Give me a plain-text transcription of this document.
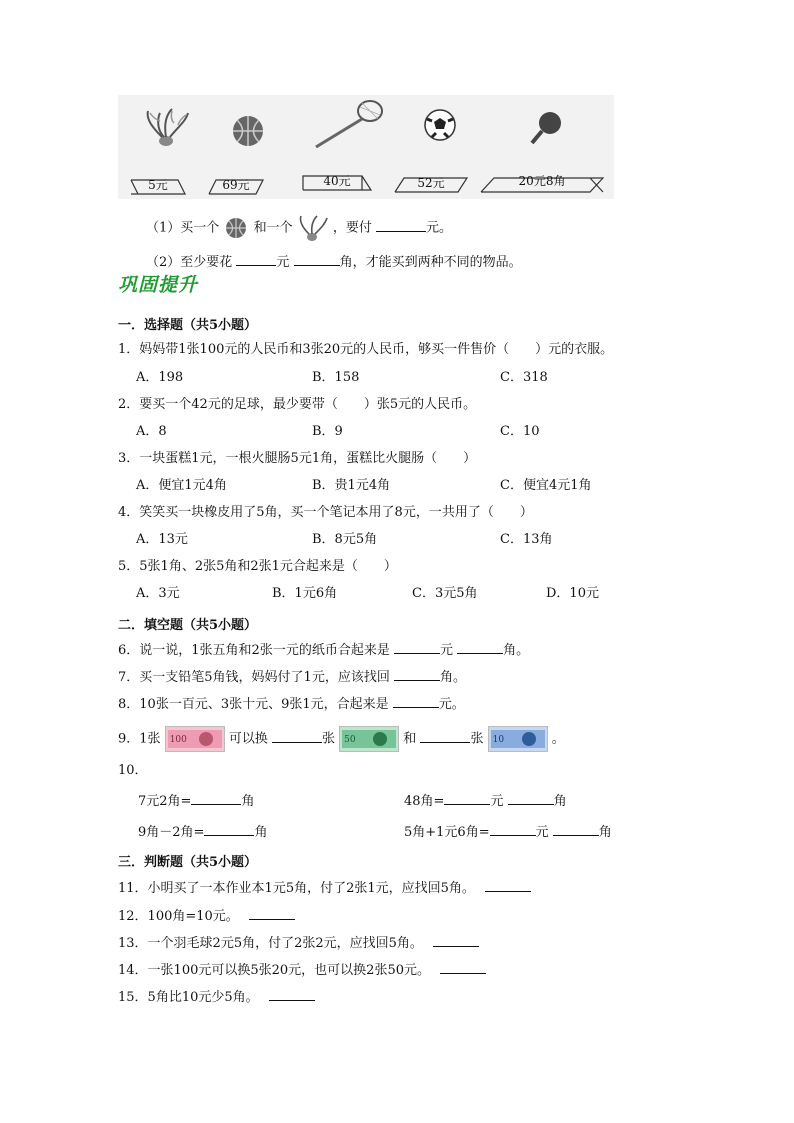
5元	69元	40元	52元	20元8角
（1）买一个	和一个	，要付	元。
（2）至少要花	元	角，才能买到两种不同的物品。
巩固提升
一．选择题（共5小题）
1．妈妈带1张100元的人民币和3张20元的人民币，够买一件售价（　　）元的衣服。
A．198	B．158	C．318
2．要买一个42元的足球，最少要带（　　）张5元的人民币。
A．8	B．9	C．10
3．一块蛋糕1元，一根火腿肠5元1角，蛋糕比火腿肠（　　）
A．便宜1元4角	B．贵1元4角	C．便宜4元1角
4．笑笑买一块橡皮用了5角，买一个笔记本用了8元，一共用了（　　）
A．13元	B．8元5角	C．13角
5．5张1角、2张5角和2张1元合起来是（　　）
A．3元	B．1元6角	C．3元5角	D．10元
二．填空题（共5小题）
6．说一说，1张五角和2张一元的纸币合起来是	元	角。
7．买一支铅笔5角钱，妈妈付了1元，应该找回	角。
8．10张一百元、3张十元、9张1元，合起来是	元。
9．1张 100	可以换	张 50	和	张 10	。
10．
7元2角=	角	48角=	元	角
9角－2角=	角	5角+1元6角=	元	角
三．判断题（共5小题）
11．小明买了一本作业本1元5角，付了2张1元，应找回5角。
12．100角=10元。
13．一个羽毛球2元5角，付了2张2元，应找回5角。
14．一张100元可以换5张20元，也可以换2张50元。
15．5角比10元少5角。
